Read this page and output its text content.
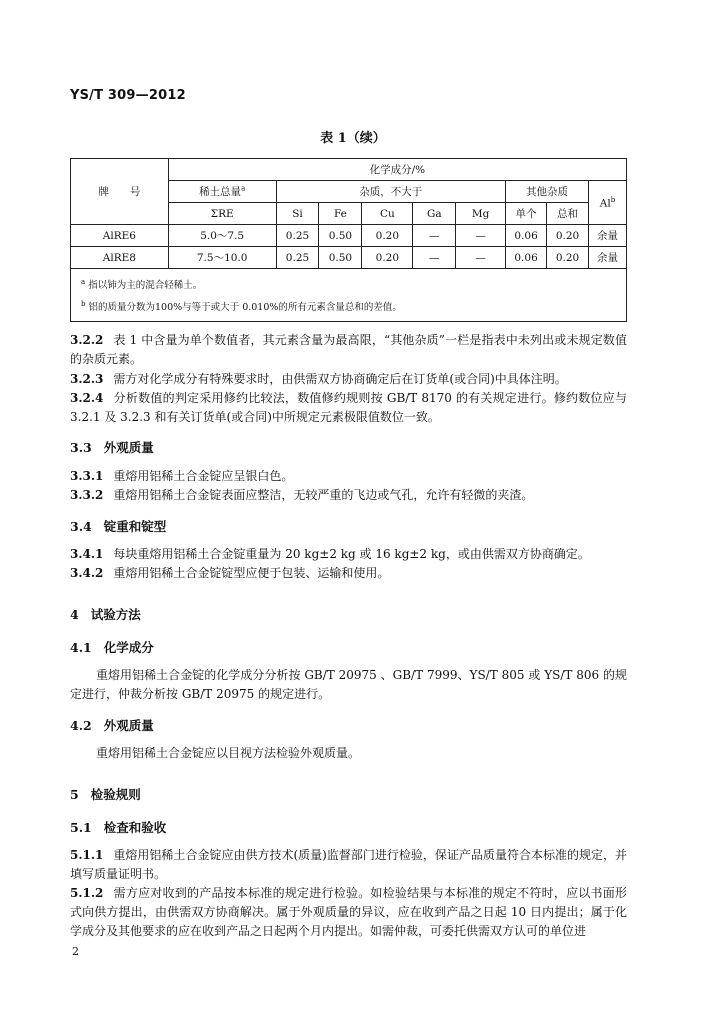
YS/T 309—2012
表 1（续）
牌　　号	化学成分/%								
	稀土总量$^a$	杂质，不大于					其他杂质		Al$^b$
	ΣRE	Si	Fe	Cu	Ga	Mg	单个	总和	
AlRE6	5.0～7.5	0.25	0.50	0.20	—	—	0.06	0.20	余量
AlRE8	7.5～10.0	0.25	0.50	0.20	—	—	0.06	0.20	余量

$^a$ 指以铈为主的混合轻稀土。
$^b$ 铝的质量分数为100%与等于或大于 0.010%的所有元素含量总和的差值。									
3.2.2 表 1 中含量为单个数值者，其元素含量为最高限，“其他杂质”一栏是指表中未列出或未规定数值的杂质元素。
3.2.3 需方对化学成分有特殊要求时，由供需双方协商确定后在订货单(或合同)中具体注明。
3.2.4 分析数值的判定采用修约比较法，数值修约规则按 GB/T 8170 的有关规定进行。修约数位应与 3.2.1 及 3.2.3 和有关订货单(或合同)中所规定元素极限值数位一致。
3.3 外观质量
3.3.1 重熔用铝稀土合金锭应呈银白色。
3.3.2 重熔用铝稀土合金锭表面应整洁，无较严重的飞边或气孔，允许有轻微的夹渣。
3.4 锭重和锭型
3.4.1 每块重熔用铝稀土合金锭重量为 20 kg±2 kg 或 16 kg±2 kg，或由供需双方协商确定。
3.4.2 重熔用铝稀土合金锭锭型应便于包装、运输和使用。
4 试验方法
4.1 化学成分
重熔用铝稀土合金锭的化学成分分析按 GB/T 20975 、GB/T 7999、YS/T 805 或 YS/T 806 的规定进行，仲裁分析按 GB/T 20975 的规定进行。
4.2 外观质量
重熔用铝稀土合金锭应以目视方法检验外观质量。
5 检验规则
5.1 检查和验收
5.1.1 重熔用铝稀土合金锭应由供方技术(质量)监督部门进行检验，保证产品质量符合本标准的规定，并填写质量证明书。
5.1.2 需方应对收到的产品按本标准的规定进行检验。如检验结果与本标准的规定不符时，应以书面形式向供方提出，由供需双方协商解决。属于外观质量的异议，应在收到产品之日起 10 日内提出；属于化学成分及其他要求的应在收到产品之日起两个月内提出。如需仲裁，可委托供需双方认可的单位进
2
